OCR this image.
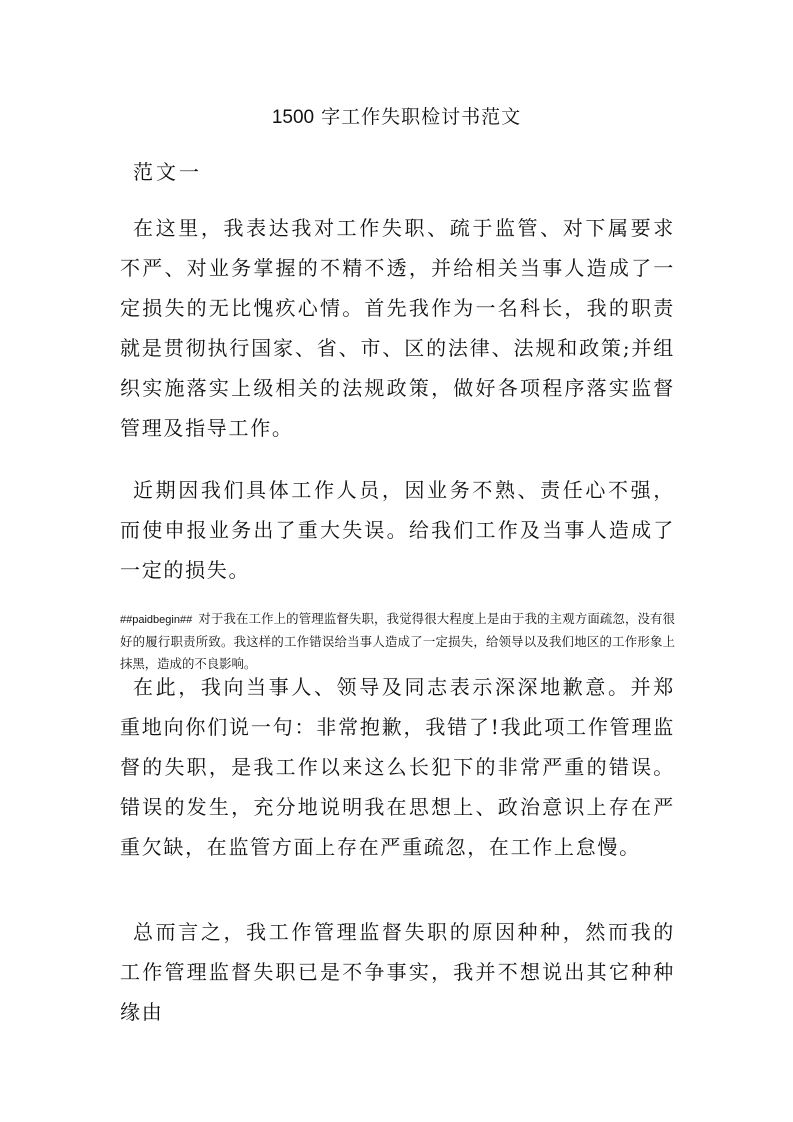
1500 字工作失职检讨书范文
范文一

在这里，我表达我对工作失职、疏于监管、对下属要求不严、对业务掌握的不精不透，并给相关当事人造成了一定损失的无比愧疚心情。首先我作为一名科长，我的职责就是贯彻执行国家、省、市、区的法律、法规和政策;并组织实施落实上级相关的法规政策，做好各项程序落实监督管理及指导工作。

近期因我们具体工作人员，因业务不熟、责任心不强，而使申报业务出了重大失误。给我们工作及当事人造成了一定的损失。

##paidbegin## 对于我在工作上的管理监督失职，我觉得很大程度上是由于我的主观方面疏忽，没有很好的履行职责所致。我这样的工作错误给当事人造成了一定损失，给领导以及我们地区的工作形象上抹黑，造成的不良影响。

在此，我向当事人、领导及同志表示深深地歉意。并郑重地向你们说一句：非常抱歉，我错了!我此项工作管理监督的失职，是我工作以来这么长犯下的非常严重的错误。错误的发生，充分地说明我在思想上、政治意识上存在严重欠缺，在监管方面上存在严重疏忽，在工作上怠慢。

总而言之，我工作管理监督失职的原因种种，然而我的工作管理监督失职已是不争事实，我并不想说出其它种种缘由
